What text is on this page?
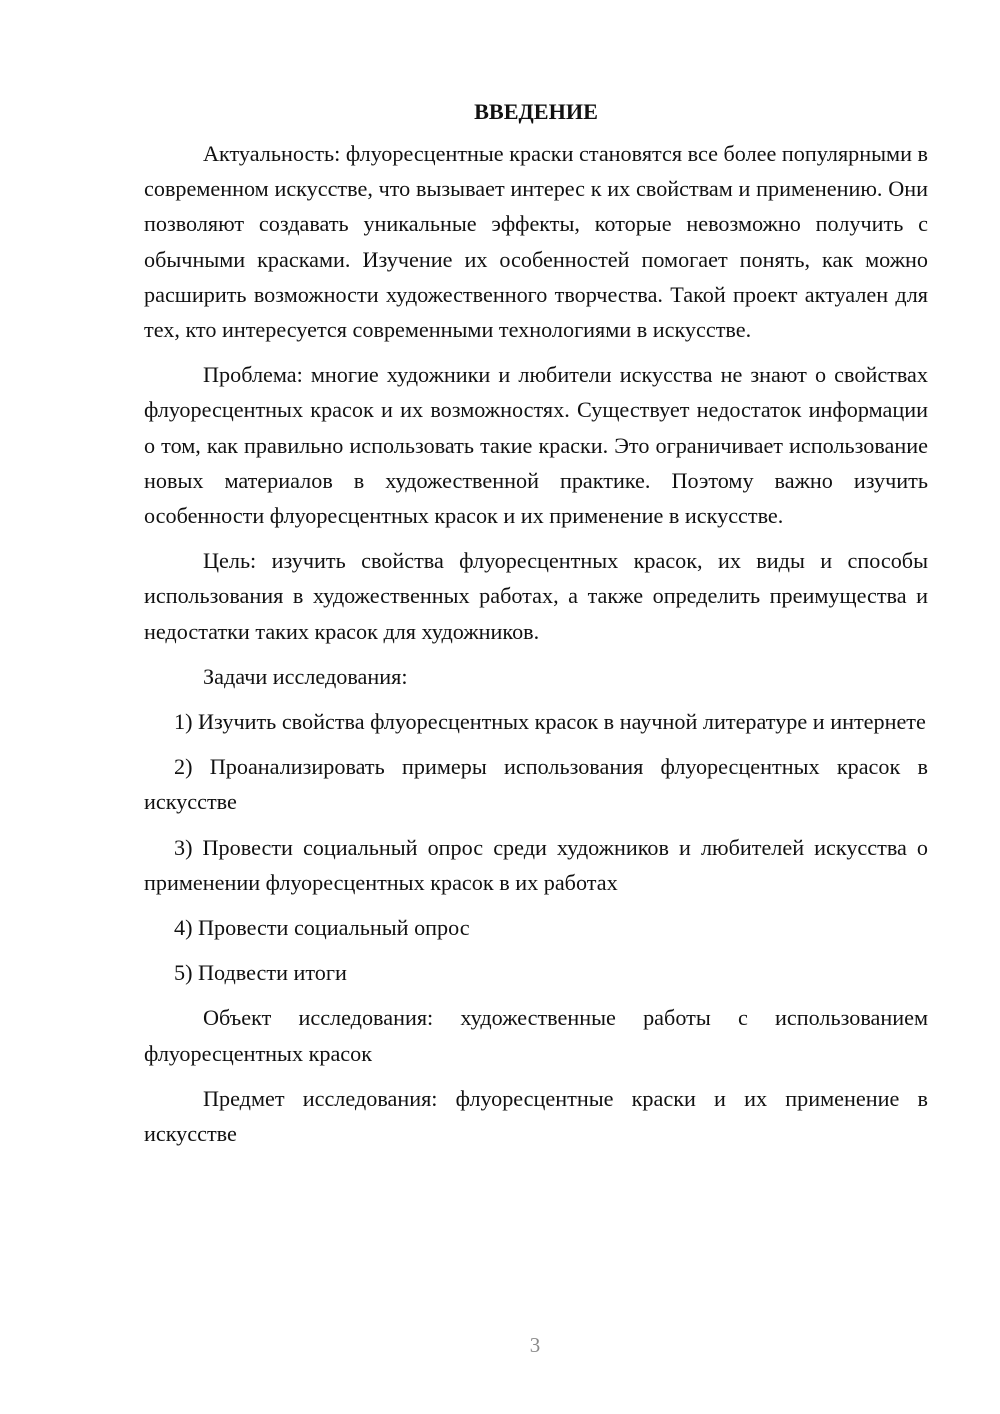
ВВЕДЕНИЕ

Актуальность: флуоресцентные краски становятся все более популярными в современном искусстве, что вызывает интерес к их свойствам и применению. Они позволяют создавать уникальные эффекты, которые невозможно получить с обычными красками. Изучение их особенностей помогает понять, как можно расширить возможности художественного творчества. Такой проект актуален для тех, кто интересуется современными технологиями в искусстве.

Проблема: многие художники и любители искусства не знают о свойствах флуоресцентных красок и их возможностях. Существует недостаток информации о том, как правильно использовать такие краски. Это ограничивает использование новых материалов в художественной практике. Поэтому важно изучить особенности флуоресцентных красок и их применение в искусстве.

Цель: изучить свойства флуоресцентных красок, их виды и способы использования в художественных работах, а также определить преимущества и недостатки таких красок для художников.

Задачи исследования:

1) Изучить свойства флуоресцентных красок в научной литературе и интернете

2) Проанализировать примеры использования флуоресцентных красок в искусстве

3) Провести социальный опрос среди художников и любителей искусства о применении флуоресцентных красок в их работах

4) Провести социальный опрос

5) Подвести итоги

Объект исследования: художественные работы с использованием флуоресцентных красок

Предмет исследования: флуоресцентные краски и их применение в искусстве

3
